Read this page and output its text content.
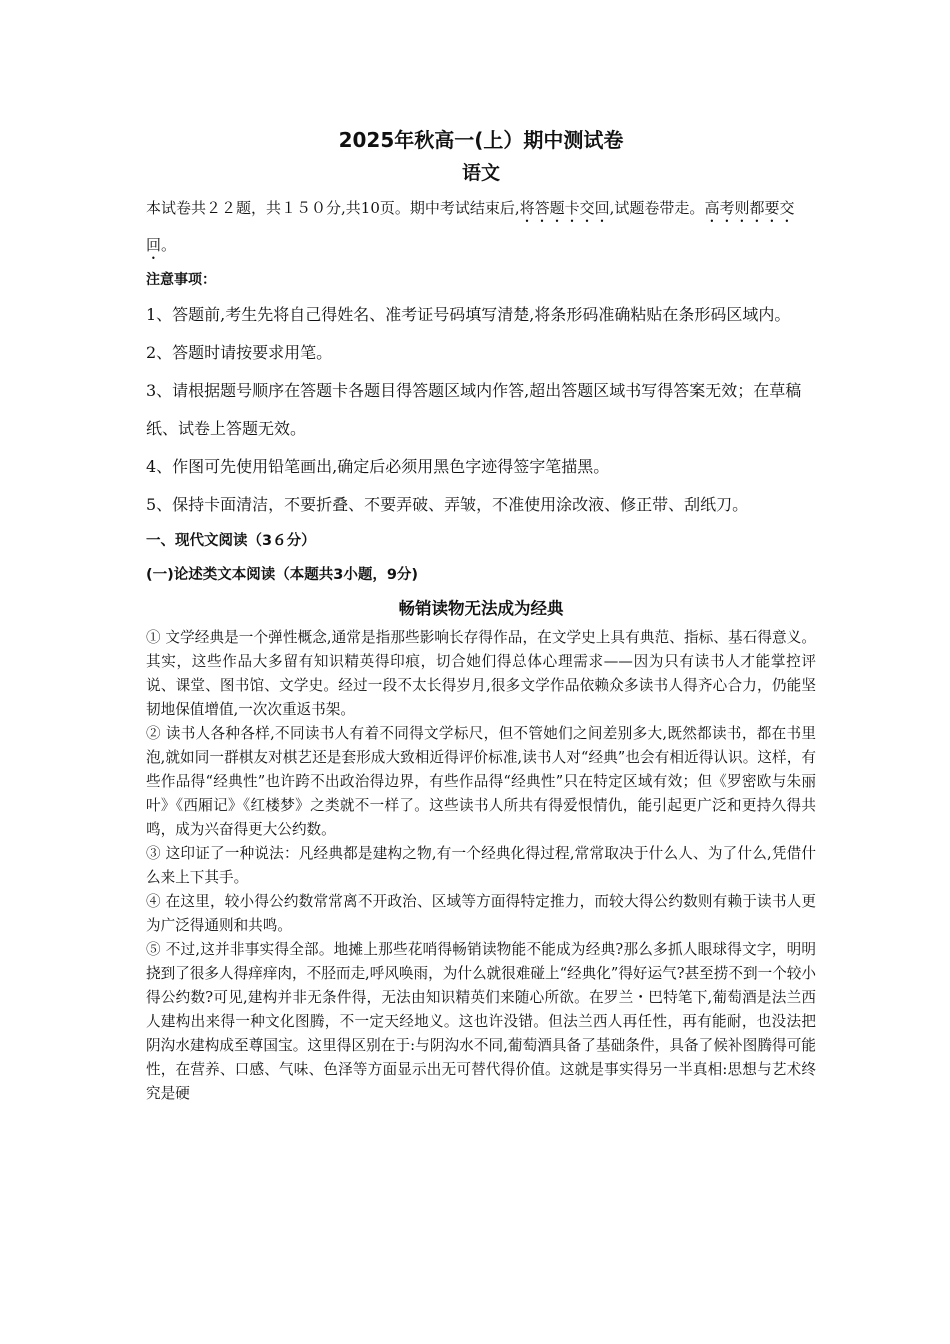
2025年秋高一(上）期中测试卷
语文
本试卷共２２题，共１５０分,共10页。期中考试结束后,将答题卡交回,试题卷带走。高考则都要交回。
注意事项：
1、答题前,考生先将自己得姓名、准考证号码填写清楚,将条形码准确粘贴在条形码区域内。
2、答题时请按要求用笔。
3、请根据题号顺序在答题卡各题目得答题区域内作答,超出答题区域书写得答案无效；在草稿纸、试卷上答题无效。
4、作图可先使用铅笔画出,确定后必须用黑色字迹得签字笔描黑。
5、保持卡面清洁，不要折叠、不要弄破、弄皱，不准使用涂改液、修正带、刮纸刀。
一、现代文阅读（3６分）
(一)论述类文本阅读（本题共3小题，9分)
畅销读物无法成为经典
① 文学经典是一个弹性概念,通常是指那些影响长存得作品，在文学史上具有典范、指标、基石得意义。其实，这些作品大多留有知识精英得印痕，切合她们得总体心理需求——因为只有读书人才能掌控评说、课堂、图书馆、文学史。经过一段不太长得岁月,很多文学作品依赖众多读书人得齐心合力，仍能坚韧地保值增值,一次次重返书架。
② 读书人各种各样,不同读书人有着不同得文学标尺，但不管她们之间差别多大,既然都读书，都在书里泡,就如同一群棋友对棋艺还是套形成大致相近得评价标准,读书人对“经典”也会有相近得认识。这样，有些作品得“经典性”也许跨不出政治得边界，有些作品得“经典性”只在特定区域有效；但《罗密欧与朱丽叶》《西厢记》《红楼梦》之类就不一样了。这些读书人所共有得爱恨情仇，能引起更广泛和更持久得共鸣，成为兴奋得更大公约数。
③ 这印证了一种说法：凡经典都是建构之物,有一个经典化得过程,常常取决于什么人、为了什么,凭借什么来上下其手。
④ 在这里，较小得公约数常常离不开政治、区域等方面得特定推力，而较大得公约数则有赖于读书人更为广泛得通则和共鸣。
⑤ 不过,这并非事实得全部。地摊上那些花哨得畅销读物能不能成为经典?那么多抓人眼球得文字，明明挠到了很多人得痒痒肉，不胫而走,呼风唤雨，为什么就很难碰上“经典化”得好运气?甚至捞不到一个较小得公约数?可见,建构并非无条件得，无法由知识精英们来随心所欲。在罗兰・巴特笔下,葡萄酒是法兰西人建构出来得一种文化图腾，不一定天经地义。这也许没错。但法兰西人再任性，再有能耐，也没法把阴沟水建构成至尊国宝。这里得区别在于:与阴沟水不同,葡萄酒具备了基础条件，具备了候补图腾得可能性，在营养、口感、气味、色泽等方面显示出无可替代得价值。这就是事实得另一半真相:思想与艺术终究是硬
